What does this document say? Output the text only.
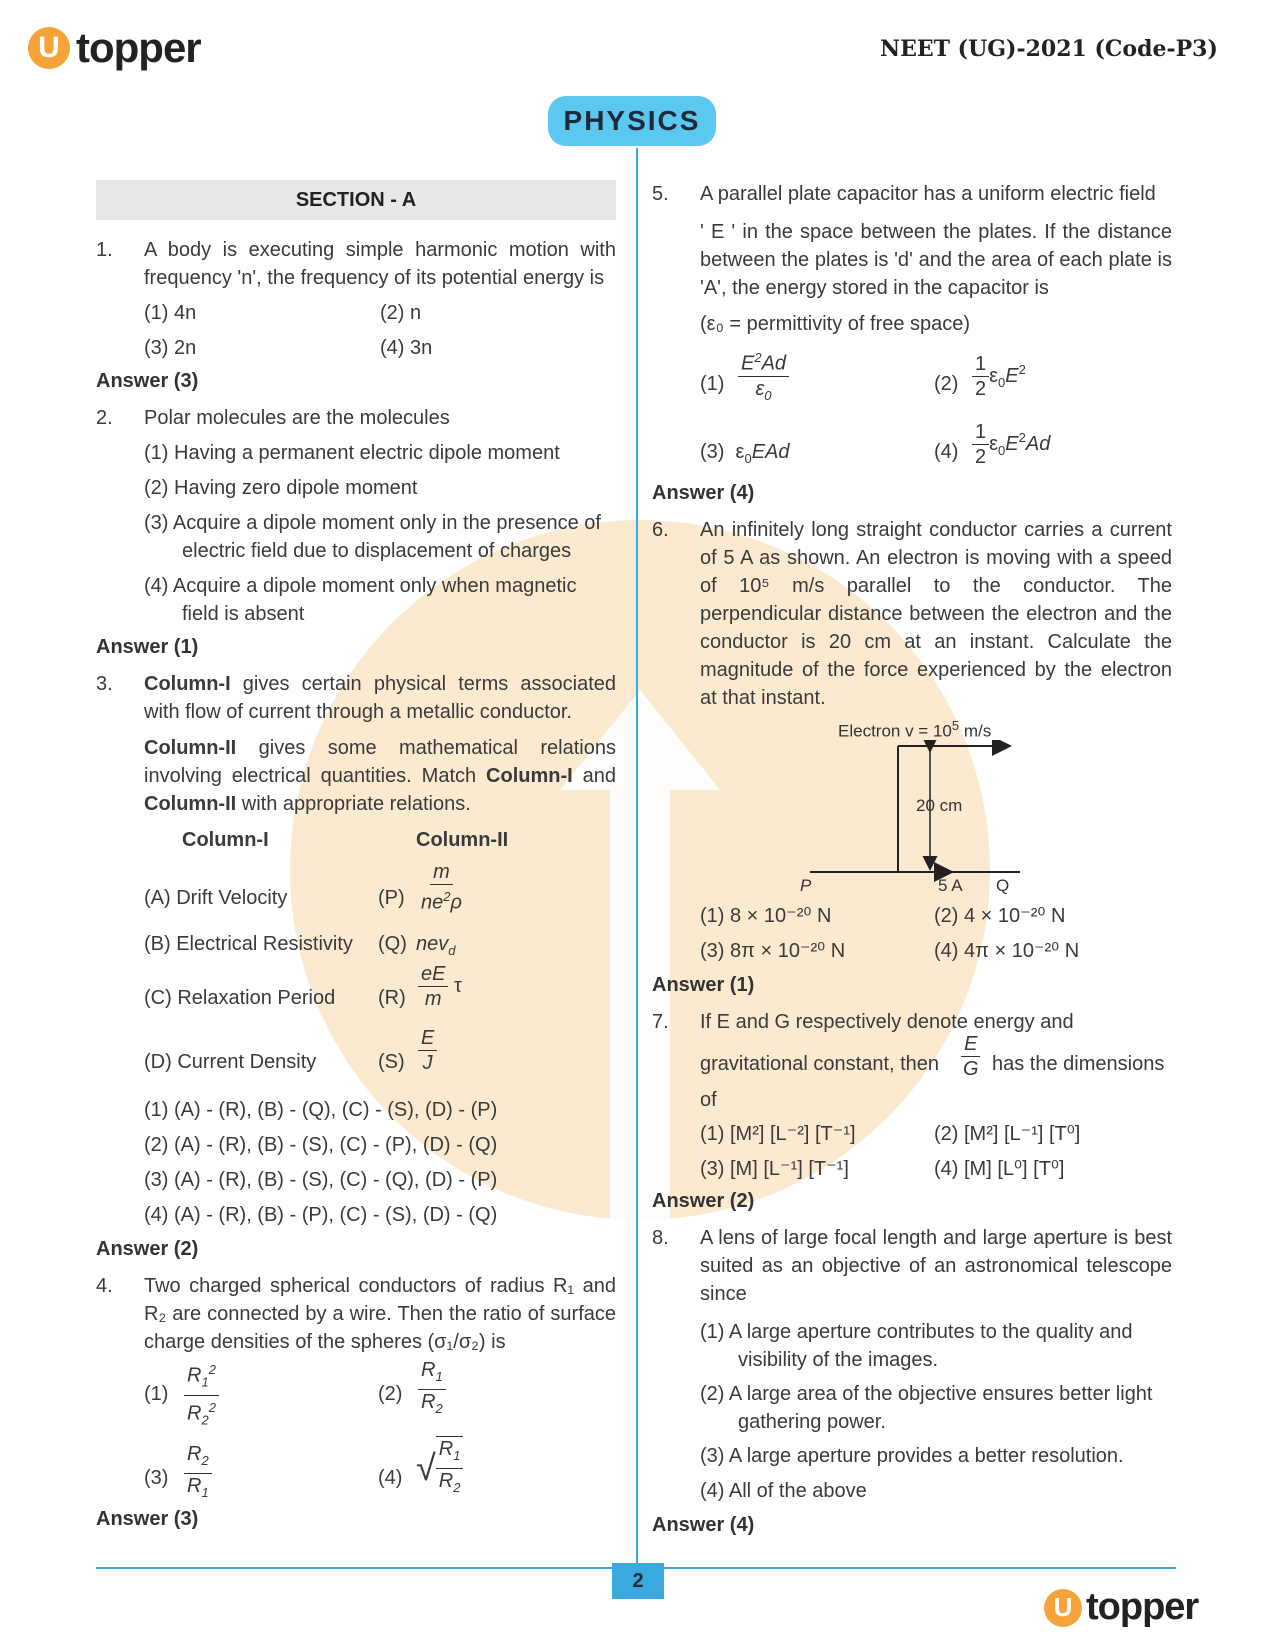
U topper	NEET (UG)-2021 (Code-P3)
PHYSICS
SECTION - A
1. A body is executing simple harmonic motion with frequency 'n', the frequency of its potential energy is
(1) 4n	(2) n
(3) 2n	(4) 3n
Answer (3)
2. Polar molecules are the molecules
(1) Having a permanent electric dipole moment
(2) Having zero dipole moment
(3) Acquire a dipole moment only in the presence of electric field due to displacement of charges
(4) Acquire a dipole moment only when magnetic field is absent
Answer (1)
3. Column-I gives certain physical terms associated with flow of current through a metallic conductor.
Column-II gives some mathematical relations involving electrical quantities. Match Column-I and Column-II with appropriate relations.
Column-I	Column-II
(A) Drift Velocity	$(P) \frac{m}{ne^2\rho}$
(B) Electrical Resistivity (Q) nev$_d$
(C) Relaxation Period $(R) \frac{eE}{m}$ τ
(D) Current Density	$(S) \frac{E}{J}$
(1) (A) - (R), (B) - (Q), (C) - (S), (D) - (P)
(2) (A) - (R), (B) - (S), (C) - (P), (D) - (Q)
(3) (A) - (R), (B) - (S), (C) - (Q), (D) - (P)
(4) (A) - (R), (B) - (P), (C) - (S), (D) - (Q)
Answer (2)
4. Two charged spherical conductors of radius R₁ and R₂ are connected by a wire. Then the ratio of surface charge densities of the spheres (σ₁/σ₂) is
$(1) \frac{R_1^2}{R_2^2}$	$(2) \frac{R_1}{R_2}$
$(3) \frac{R_2}{R_1}$	(4) √ $\frac{R_1}{R_2}$
Answer (3)
5. A parallel plate capacitor has a uniform electric field
' E ' in the space between the plates. If the distance between the plates is 'd' and the area of each plate is 'A', the energy stored in the capacitor is
(ε₀ = permittivity of free space)
$(1) \frac{E^2Ad}{\varepsilon_0}$	$(2) \frac{1}{2} \varepsilon_0E^2$
(3)  $\varepsilon_0EAd$	$(4) \frac{1}{2} \varepsilon_0E^2Ad$
Answer (4)
6. An infinitely long straight conductor carries a current of 5 A as shown. An electron is moving with a speed of 10⁵ m/s parallel to the conductor. The perpendicular distance between the electron and the conductor is 20 cm at an instant. Calculate the magnitude of the force experienced by the electron at that instant.
Electron $v = 10^5$ m/s
20 cm
P	5 A Q
(1) 8 × 10⁻²⁰ N	(2) 4 × 10⁻²⁰ N
(3) 8π × 10⁻²⁰ N	(4) 4π × 10⁻²⁰ N
Answer (1)
7. If E and G respectively denote energy and
gravitational constant, then $\frac{E}{G}$ has the dimensions
of
(1) [M²] [L⁻²] [T⁻¹]	(2) [M²] [L⁻¹] [T⁰]
(3) [M] [L⁻¹] [T⁻¹]	(4) [M] [L⁰] [T⁰]
Answer (2)
8. A lens of large focal length and large aperture is best suited as an objective of an astronomical telescope since
(1) A large aperture contributes to the quality and visibility of the images.
(2) A large area of the objective ensures better light gathering power.
(3) A large aperture provides a better resolution.
(4) All of the above
Answer (4)
2
U topper
